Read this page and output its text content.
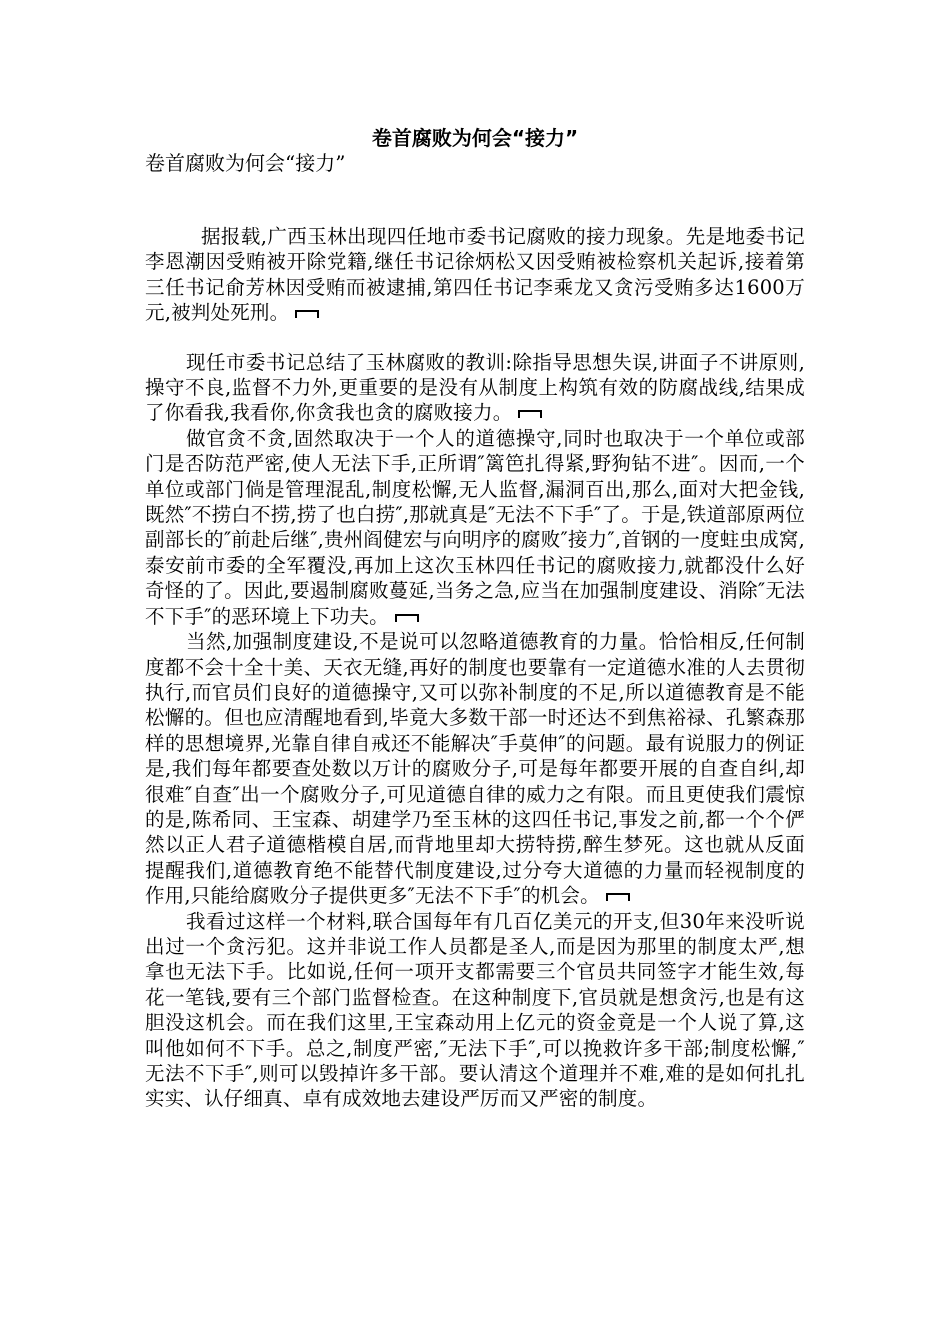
卷首腐败为何会“接力”
卷首腐败为何会“接力”

据报载,广西玉林出现四任地市委书记腐败的接力现象。先是地委书记李恩潮因受贿被开除党籍,继任书记徐炳松又因受贿被检察机关起诉,接着第三任书记俞芳林因受贿而被逮捕,第四任书记李乘龙又贪污受贿多达1600万元,被判处死刑。

现任市委书记总结了玉林腐败的教训:除指导思想失误,讲面子不讲原则,操守不良,监督不力外,更重要的是没有从制度上构筑有效的防腐战线,结果成了你看我,我看你,你贪我也贪的腐败接力。

做官贪不贪,固然取决于一个人的道德操守,同时也取决于一个单位或部门是否防范严密,使人无法下手,正所谓″篱笆扎得紧,野狗钻不进″。因而,一个单位或部门倘是管理混乱,制度松懈,无人监督,漏洞百出,那么,面对大把金钱,既然″不捞白不捞,捞了也白捞″,那就真是″无法不下手″了。于是,铁道部原两位副部长的″前赴后继″,贵州阎健宏与向明序的腐败″接力″,首钢的一度蛀虫成窝,泰安前市委的全军覆没,再加上这次玉林四任书记的腐败接力,就都没什么好奇怪的了。因此,要遏制腐败蔓延,当务之急,应当在加强制度建设、消除″无法不下手″的恶环境上下功夫。

当然,加强制度建设,不是说可以忽略道德教育的力量。恰恰相反,任何制度都不会十全十美、天衣无缝,再好的制度也要靠有一定道德水准的人去贯彻执行,而官员们良好的道德操守,又可以弥补制度的不足,所以道德教育是不能松懈的。但也应清醒地看到,毕竟大多数干部一时还达不到焦裕禄、孔繁森那样的思想境界,光靠自律自戒还不能解决″手莫伸″的问题。最有说服力的例证是,我们每年都要查处数以万计的腐败分子,可是每年都要开展的自查自纠,却很难″自查″出一个腐败分子,可见道德自律的威力之有限。而且更使我们震惊的是,陈希同、王宝森、胡建学乃至玉林的这四任书记,事发之前,都一个个俨然以正人君子道德楷模自居,而背地里却大捞特捞,醉生梦死。这也就从反面提醒我们,道德教育绝不能替代制度建设,过分夸大道德的力量而轻视制度的作用,只能给腐败分子提供更多″无法不下手″的机会。

我看过这样一个材料,联合国每年有几百亿美元的开支,但30年来没听说出过一个贪污犯。这并非说工作人员都是圣人,而是因为那里的制度太严,想拿也无法下手。比如说,任何一项开支都需要三个官员共同签字才能生效,每花一笔钱,要有三个部门监督检查。在这种制度下,官员就是想贪污,也是有这胆没这机会。而在我们这里,王宝森动用上亿元的资金竟是一个人说了算,这叫他如何不下手。总之,制度严密,″无法下手″,可以挽救许多干部;制度松懈,″无法不下手″,则可以毁掉许多干部。要认清这个道理并不难,难的是如何扎扎实实、认仔细真、卓有成效地去建设严厉而又严密的制度。
